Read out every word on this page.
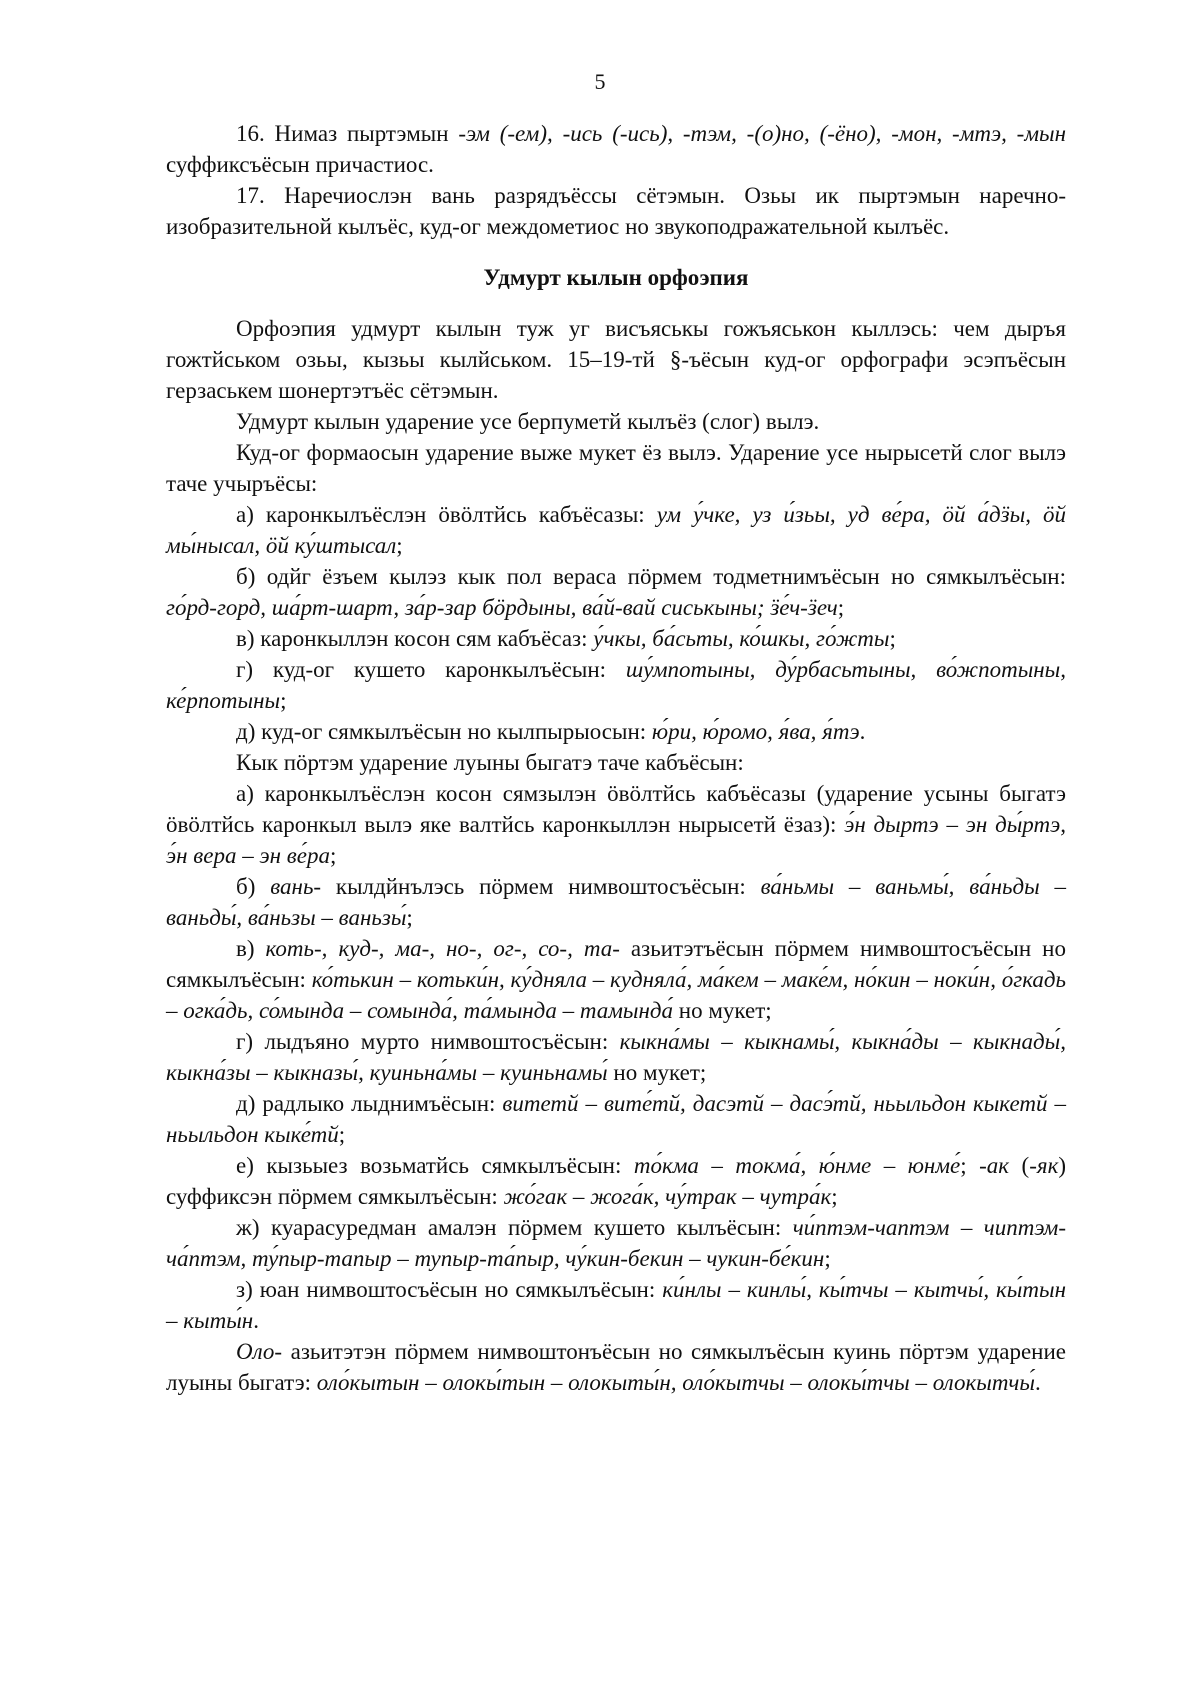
5

16. Нимаз пыртэмын -эм (-ем), -ись (-ись), -тэм, -(о)но, (-ёно), -мон, -мтэ, -мын суффиксъёсын причастиос.

17. Наречиослэн вань разрядъёссы сётэмын. Озьы ик пыртэмын наречно-изобразительной кылъёс, куд-ог междометиос но звукоподражательной кылъёс.

Удмурт кылын орфоэпия

Орфоэпия удмурт кылын туж уг висъяськы гожъяськон кыллэсь: чем дыръя гожтйськом озьы, кызьы кылйськом. 15–19-тй §-ъёсын куд-ог орфографи эсэпъёсын герзаськем шонертэтъёс сётэмын.

Удмурт кылын ударение усе берпуметй кылъёз (слог) вылэ.

Куд-ог формаосын ударение выже мукет ёз вылэ. Ударение усе нырысетй слог вылэ таче учыръёсы:

а) каронкылъёслэн ӧвӧлтйсь кабъёсазы: ум у́чке, уз и́зьы, уд ве́ра, ӧй а́дӟы, ӧй мы́нысал, ӧй ку́штысал;

б) одйг ёзъем кылэз кык пол вераса пӧрмем тодметнимъёсын но сямкылъёсын: го́рд-горд, ша́рт-шарт, за́р-зар бӧрдыны, ва́й-вай сиськыны; ӟе́ч-ӟеч;

в) каронкыллэн косон сям кабъёсаз: у́чкы, ба́сьты, ко́шкы, го́жты;

г) куд-ог кушето каронкылъёсын: шу́мпотыны, ду́рбасьтыны, во́жпотыны, ке́рпотыны;

д) куд-ог сямкылъёсын но кылпырыосын: ю́ри, ю́ромо, я́ва, я́тэ.

Кык пӧртэм ударение луыны быгатэ таче кабъёсын:

а) каронкылъёслэн косон сямзылэн ӧвӧлтйсь кабъёсазы (ударение усыны быгатэ ӧвӧлтйсь каронкыл вылэ яке валтйсь каронкыллэн нырысетй ёзаз): э́н дыртэ – эн ды́ртэ, э́н вера – эн ве́ра;

б) вань- кылдйнълэсь пӧрмем нимвоштосъёсын: ва́ньмы – ваньмы́, ва́ньды – ваньды́, ва́ньзы – ваньзы́;

в) коть-, куд-, ма-, но-, ог-, со-, та- азьитэтъёсын пӧрмем нимвоштосъёсын но сямкылъёсын: ко́тькин – котьки́н, ку́дняла – кудняла́, ма́кем – маке́м, но́кин – ноки́н, о́гкадь – огка́дь, со́мында – сомында́, та́мында – тамында́ но мукет;

г) лыдъяно мурто нимвоштосъёсын: кыкна́мы – кыкнамы́, кыкна́ды – кыкнады́, кыкна́зы – кыкназы́, куиньна́мы – куиньнамы́ но мукет;

д) радлыко лыднимъёсын: витетй – вите́тй, дасэтй – дасэ́тй, ньыльдон кыкетй – ньыльдон кыке́тй;

е) кызьыез возьматйсь сямкылъёсын: то́кма – токма́, ю́нме – юнме́; -ак (-як) суффиксэн пӧрмем сямкылъёсын: жо́гак – жога́к, чу́трак – чутра́к;

ж) куарасуредман амалэн пӧрмем кушето кылъёсын: чи́птэм-чаптэм – чиптэм-ча́птэм, ту́пыр-тапыр – тупыр-та́пыр, чу́кин-бекин – чукин-бе́кин;

з) юан нимвоштосъёсын но сямкылъёсын: ки́нлы – кинлы́, кы́тчы – кытчы́, кы́тын – кыты́н.

Оло- азьитэтэн пӧрмем нимвоштонъёсын но сямкылъёсын куинь пӧртэм ударение луыны быгатэ: оло́кытын – олокы́тын – олокыты́н, оло́кытчы – олокы́тчы – олокытчы́.
